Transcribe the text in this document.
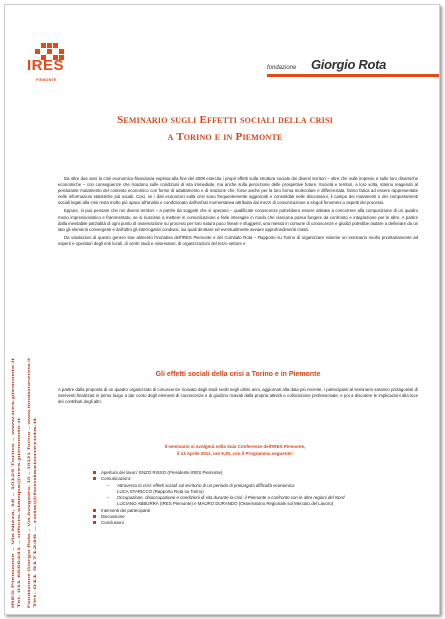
IRES
PIEMONTE
fondazione Giorgio Rota
Seminario sugli Effetti sociali della crisi
a Torino e in Piemonte
IRES Piemonte – Via Nizza, 18 – 10125 Torino – www.ires.piemonte.it Tel. 011 6666441 – ufficio.stampa@ires.piemonte.it Fondazione Giorgio Rota – Via Avogadro, 10 – 10121 Torino – www.fondazionerota.it Tel. 011 5171246 – rota@fondazionerota.it

Da oltre due anni la crisi economico-finanziaria esplosa alla fine del 2008 esercita i propri effetti sulla struttura sociale dei diversi territori – oltre che sulle imprese e sulle loro dinamiche economiche – con conseguenze che ricadono sulle condizioni di vita immediate, ma anche sulla percezione delle prospettive future. Società e territori, a loro volta, stanno reagendo al perdurante mutamento del contesto economico con forme di adattamento e di reazione che, forse anche per la loro forma molecolare e differenziata, fanno fatica ad essere rappresentate nelle informazioni statistiche più usuali. Così, se i dati economici sulla crisi sono frequentemente aggiornati e consolidati nelle discussioni, il campo dei mutamenti e dei comportamenti sociali legati alla crisi resta molto più opaco all'analisi e condizionato dall'enfasi momentanea attribuita dai mezzi di comunicazione a singoli fenomeni o aspetti dei processi.

Eppure, si può pensare che nei diversi territori – a partire da soggetti che vi operano – qualificate conoscenze potrebbero essere attivate a concorrere alla composizione di un quadro meno impressionistico e frammentato, se si riuscisse a mettere in comunicazione e farle interagire in modo che ciascuna possa fungere da confronto e integrazione per le altre. A partire dalla inevitabile parzialità di ogni punto di osservazione su processi per loro natura poco lineari e sfuggenti, una messa in comune di conoscenze e giudizi potrebbe aiutare a delineare da un lato gli elementi convergenti e dall'altro gli interrogativi condivisi, sui quali dirottare ed eventualmente avviare approfondimenti mirati.

Da valutazioni di questo genere trae alimento l'iniziativa dell'IRES Piemonte e del Comitato Rota – Rapporto su Torino di organizzare insieme un seminario rivolto prioritariamente ad esperti e operatori degli enti locali, di centri studi e osservatori, di organizzazioni del terzo settore e

Gli effetti sociali della crisi a Torino e in Piemonte

A partire dalla proposta di un quadro organizzato di conoscenze ricavato dagli studi svolti negli ultimi anni, aggiornati alla data più recente, i partecipanti al seminario saranno protagonisti di interventi finalizzati in primo luogo a dar conto degli elementi di conoscenza e di giudizio ricavati dalla propria attività e collocazione professionale, e poi a discutere le implicazioni alla luce dei contributi degli altri.

Il seminario si svolgerà nella Sala Conferenze dell'IRES Piemonte,
il 13 Aprile 2011, ore 9,30, con il Programma seguente:
Apertura dei lavori: ENZO RISSO (Presidente IRES Piemonte)
Comunicazioni:
– Attraverso la crisi: effetti sociali sul territorio di un periodo di prolungata difficoltà economica
LUCA STARICCO (Rapporto Rota su Torino)
– Occupazione, disoccupazione e condizioni di vita durante la crisi: il Piemonte a confronto con le altre regioni del Nord
LUCIANO ABBURRÀ (IRES Piemonte) e MAURO DURANDO (Osservatorio Regionale sul Mercato del Lavoro)
Interventi dei partecipanti
Discussione
Conclusioni
